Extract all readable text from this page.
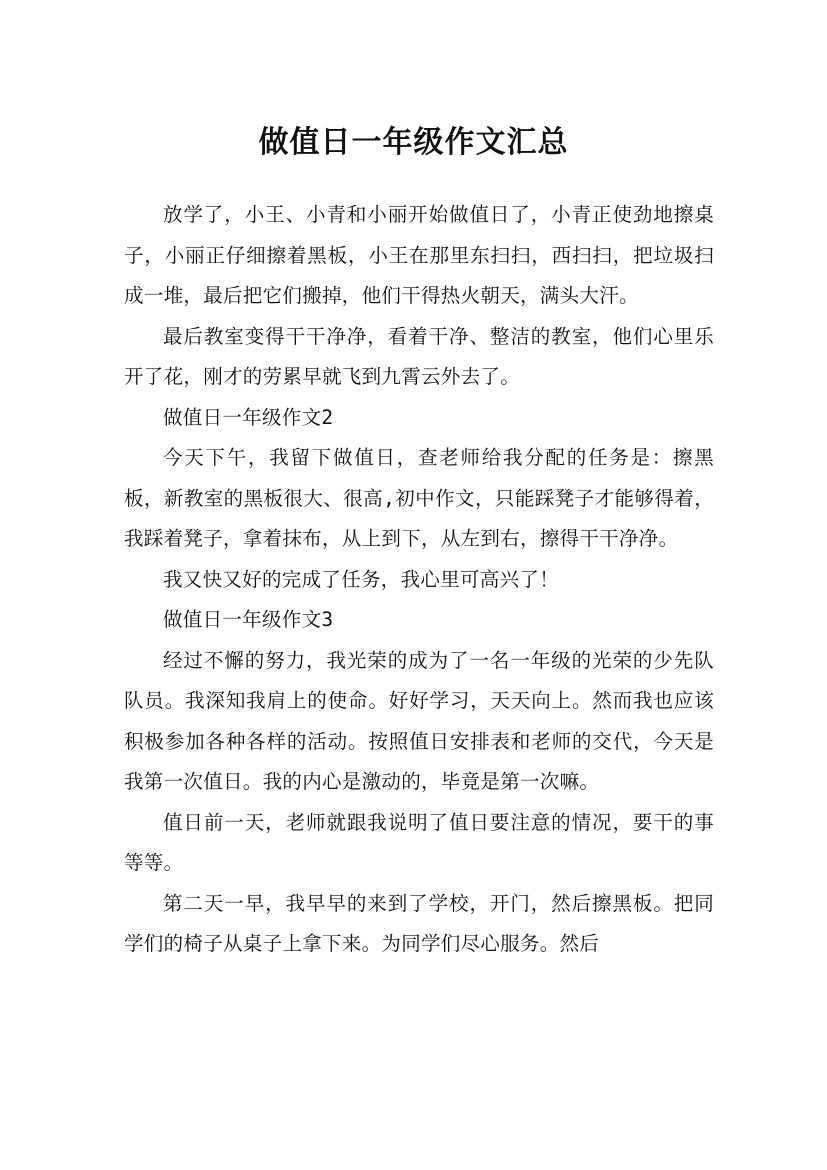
做值日一年级作文汇总

放学了，小王、小青和小丽开始做值日了，小青正使劲地擦桌子，小丽正仔细擦着黑板，小王在那里东扫扫，西扫扫，把垃圾扫成一堆，最后把它们搬掉，他们干得热火朝天，满头大汗。

最后教室变得干干净净，看着干净、整洁的教室，他们心里乐开了花，刚才的劳累早就飞到九霄云外去了。

做值日一年级作文2

今天下午，我留下做值日，查老师给我分配的任务是：擦黑板，新教室的黑板很大、很高,初中作文，只能踩凳子才能够得着，我踩着凳子，拿着抹布，从上到下，从左到右，擦得干干净净。

我又快又好的完成了任务，我心里可高兴了！

做值日一年级作文3

经过不懈的努力，我光荣的成为了一名一年级的光荣的少先队队员。我深知我肩上的使命。好好学习，天天向上。然而我也应该积极参加各种各样的活动。按照值日安排表和老师的交代，今天是我第一次值日。我的内心是激动的，毕竟是第一次嘛。

值日前一天，老师就跟我说明了值日要注意的情况，要干的事等等。

第二天一早，我早早的来到了学校，开门，然后擦黑板。把同学们的椅子从桌子上拿下来。为同学们尽心服务。然后
